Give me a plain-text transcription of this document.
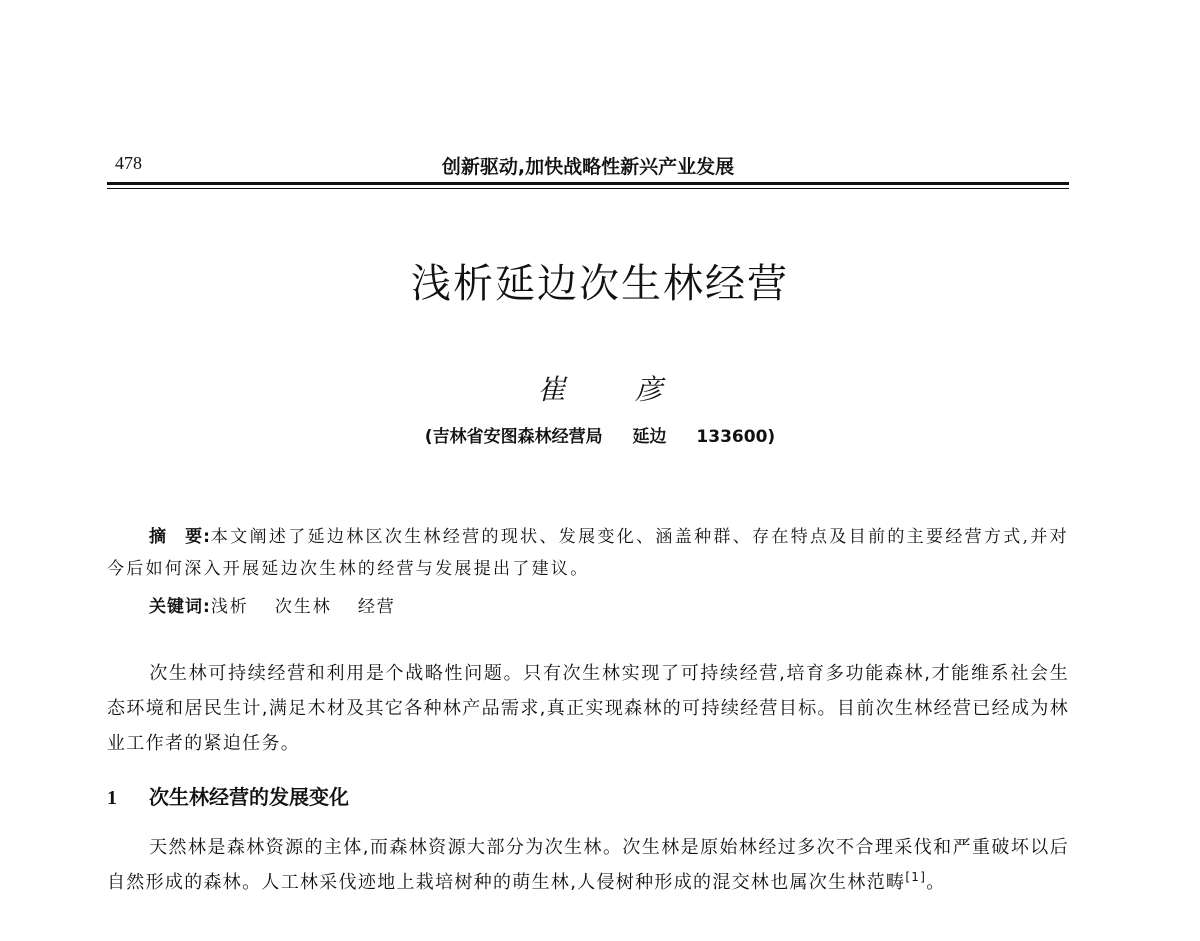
478	创新驱动,加快战略性新兴产业发展
浅析延边次生林经营
崔 彦
(吉林省安图森林经营局 延边 133600)
摘　要:本文阐述了延边林区次生林经营的现状、发展变化、涵盖种群、存在特点及目前的主要经营方式,并对今后如何深入开展延边次生林的经营与发展提出了建议。
关键词:浅析 次生林 经营
次生林可持续经营和利用是个战略性问题。只有次生林实现了可持续经营,培育多功能森林,才能维系社会生态环境和居民生计,满足木材及其它各种林产品需求,真正实现森林的可持续经营目标。目前次生林经营已经成为林业工作者的紧迫任务。
1 次生林经营的发展变化
天然林是森林资源的主体,而森林资源大部分为次生林。次生林是原始林经过多次不合理采伐和严重破坏以后自然形成的森林。人工林采伐迹地上栽培树种的萌生林,人侵树种形成的混交林也属次生林范畴[1]。
